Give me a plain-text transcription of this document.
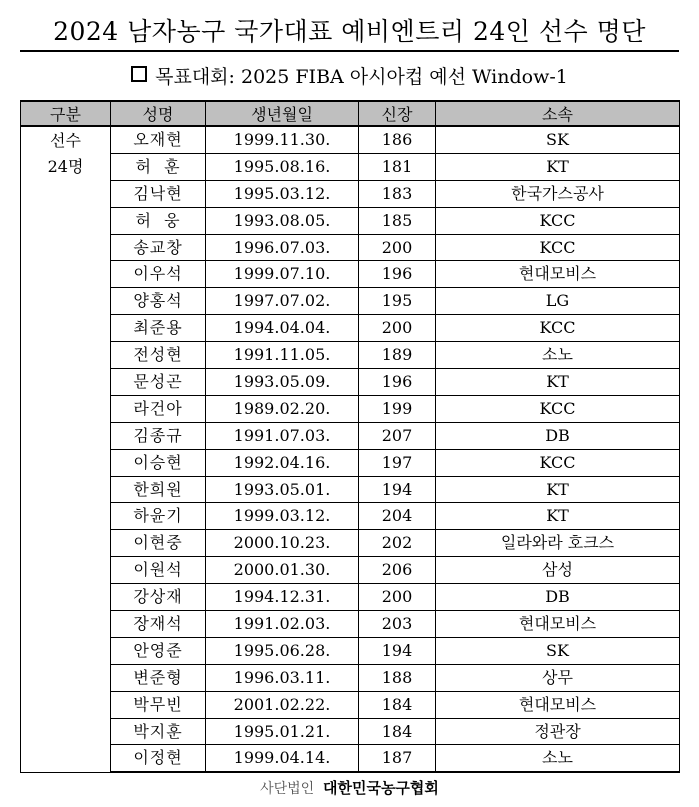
2024 남자농구 국가대표 예비엔트리 24인 선수 명단
목표대회: 2025 FIBA 아시아컵 예선 Window-1
구분	성명	생년월일	신장	소속

선수
24명	오재현	1999.11.30.	186	SK
	허  훈	1995.08.16.	181	KT
	김낙현	1995.03.12.	183	한국가스공사
	허  웅	1993.08.05.	185	KCC
	송교창	1996.07.03.	200	KCC
	이우석	1999.07.10.	196	현대모비스
	양홍석	1997.07.02.	195	LG
	최준용	1994.04.04.	200	KCC
	전성현	1991.11.05.	189	소노
	문성곤	1993.05.09.	196	KT
	라건아	1989.02.20.	199	KCC
	김종규	1991.07.03.	207	DB
	이승현	1992.04.16.	197	KCC
	한희원	1993.05.01.	194	KT
	하윤기	1999.03.12.	204	KT
	이현중	2000.10.23.	202	일라와라 호크스
	이원석	2000.01.30.	206	삼성
	강상재	1994.12.31.	200	DB
	장재석	1991.02.03.	203	현대모비스
	안영준	1995.06.28.	194	SK
	변준형	1996.03.11.	188	상무
	박무빈	2001.02.22.	184	현대모비스
	박지훈	1995.01.21.	184	정관장
	이정현	1999.04.14.	187	소노
사단법인 대한민국농구협회
